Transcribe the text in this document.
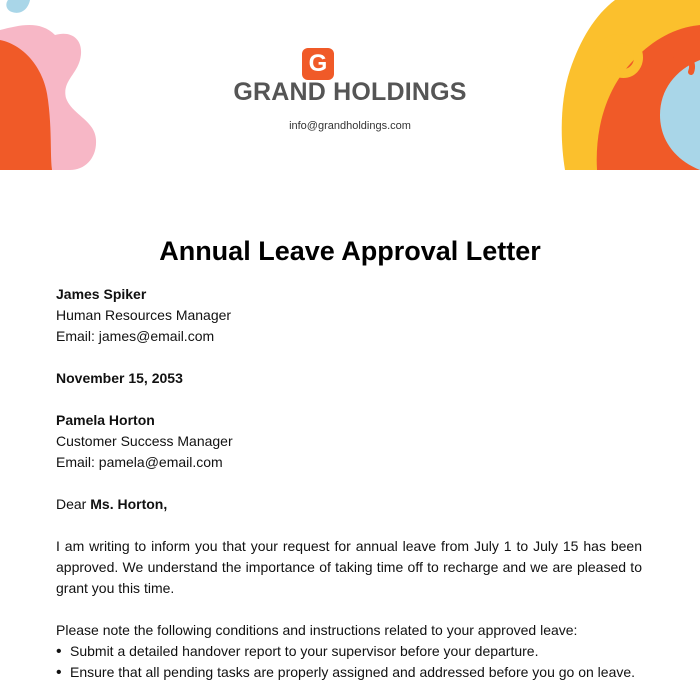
G
GRAND HOLDINGS
info@grandholdings.com
Annual Leave Approval Letter
James Spiker
Human Resources Manager
Email: james@email.com
November 15, 2053
Pamela Horton
Customer Success Manager
Email: pamela@email.com
Dear Ms. Horton,
I am writing to inform you that your request for annual leave from July 1 to July 15 has been approved. We understand the importance of taking time off to recharge and we are pleased to grant you this time.
Please note the following conditions and instructions related to your approved leave:
• Submit a detailed handover report to your supervisor before your departure.
• Ensure that all pending tasks are properly assigned and addressed before you go on leave.
